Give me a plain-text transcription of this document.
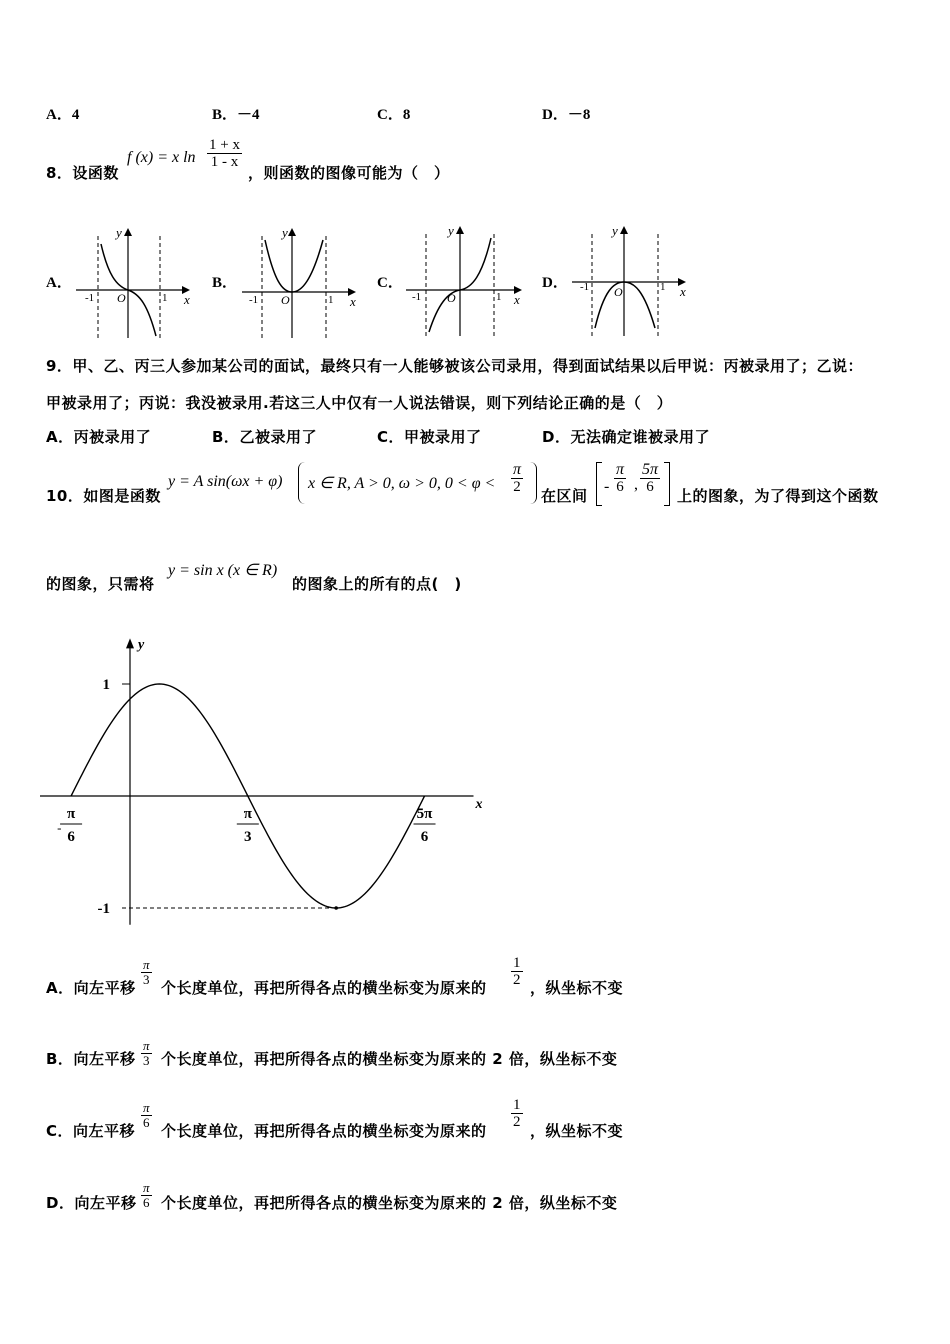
A．4	B．－4	C．8	D．－8
8．设函数
f (x) = x ln
1 + x
1 - x
，则函数的图像可能为（　）
A．
y
x
O
-1	1
B．
y
x
O
-1	1
C．
y
x
O
-1	1
D．
y
x
O
-1	1
9．甲、乙、丙三人参加某公司的面试，最终只有一人能够被该公司录用，得到面试结果以后甲说：丙被录用了；乙说：
甲被录用了；丙说：我没被录用.若这三人中仅有一人说法错误，则下列结论正确的是（　）
A．丙被录用了	B．乙被录用了	C．甲被录用了	D．无法确定谁被录用了
10．如图是函数
y = A sin(ωx + φ) x ∈ R, A > 0, ω > 0, 0 < φ <
π
2 在区间
-
π
6 ,
5π
6 上的图象，为了得到这个函数
的图象，只需将
y = sin x (x ∈ R)
的图象上的所有的点(　)
y
x
1
-1
-
π
6
π
3
5π
6
A．向左平移
π
3 个长度单位，再把所得各点的横坐标变为原来的
1
2 ，纵坐标不变
B．向左平移
π
3 个长度单位，再把所得各点的横坐标变为原来的 2 倍，纵坐标不变
C．向左平移
π
6 个长度单位，再把所得各点的横坐标变为原来的
1
2 ，纵坐标不变
D．向左平移
π
6 个长度单位，再把所得各点的横坐标变为原来的 2 倍，纵坐标不变
